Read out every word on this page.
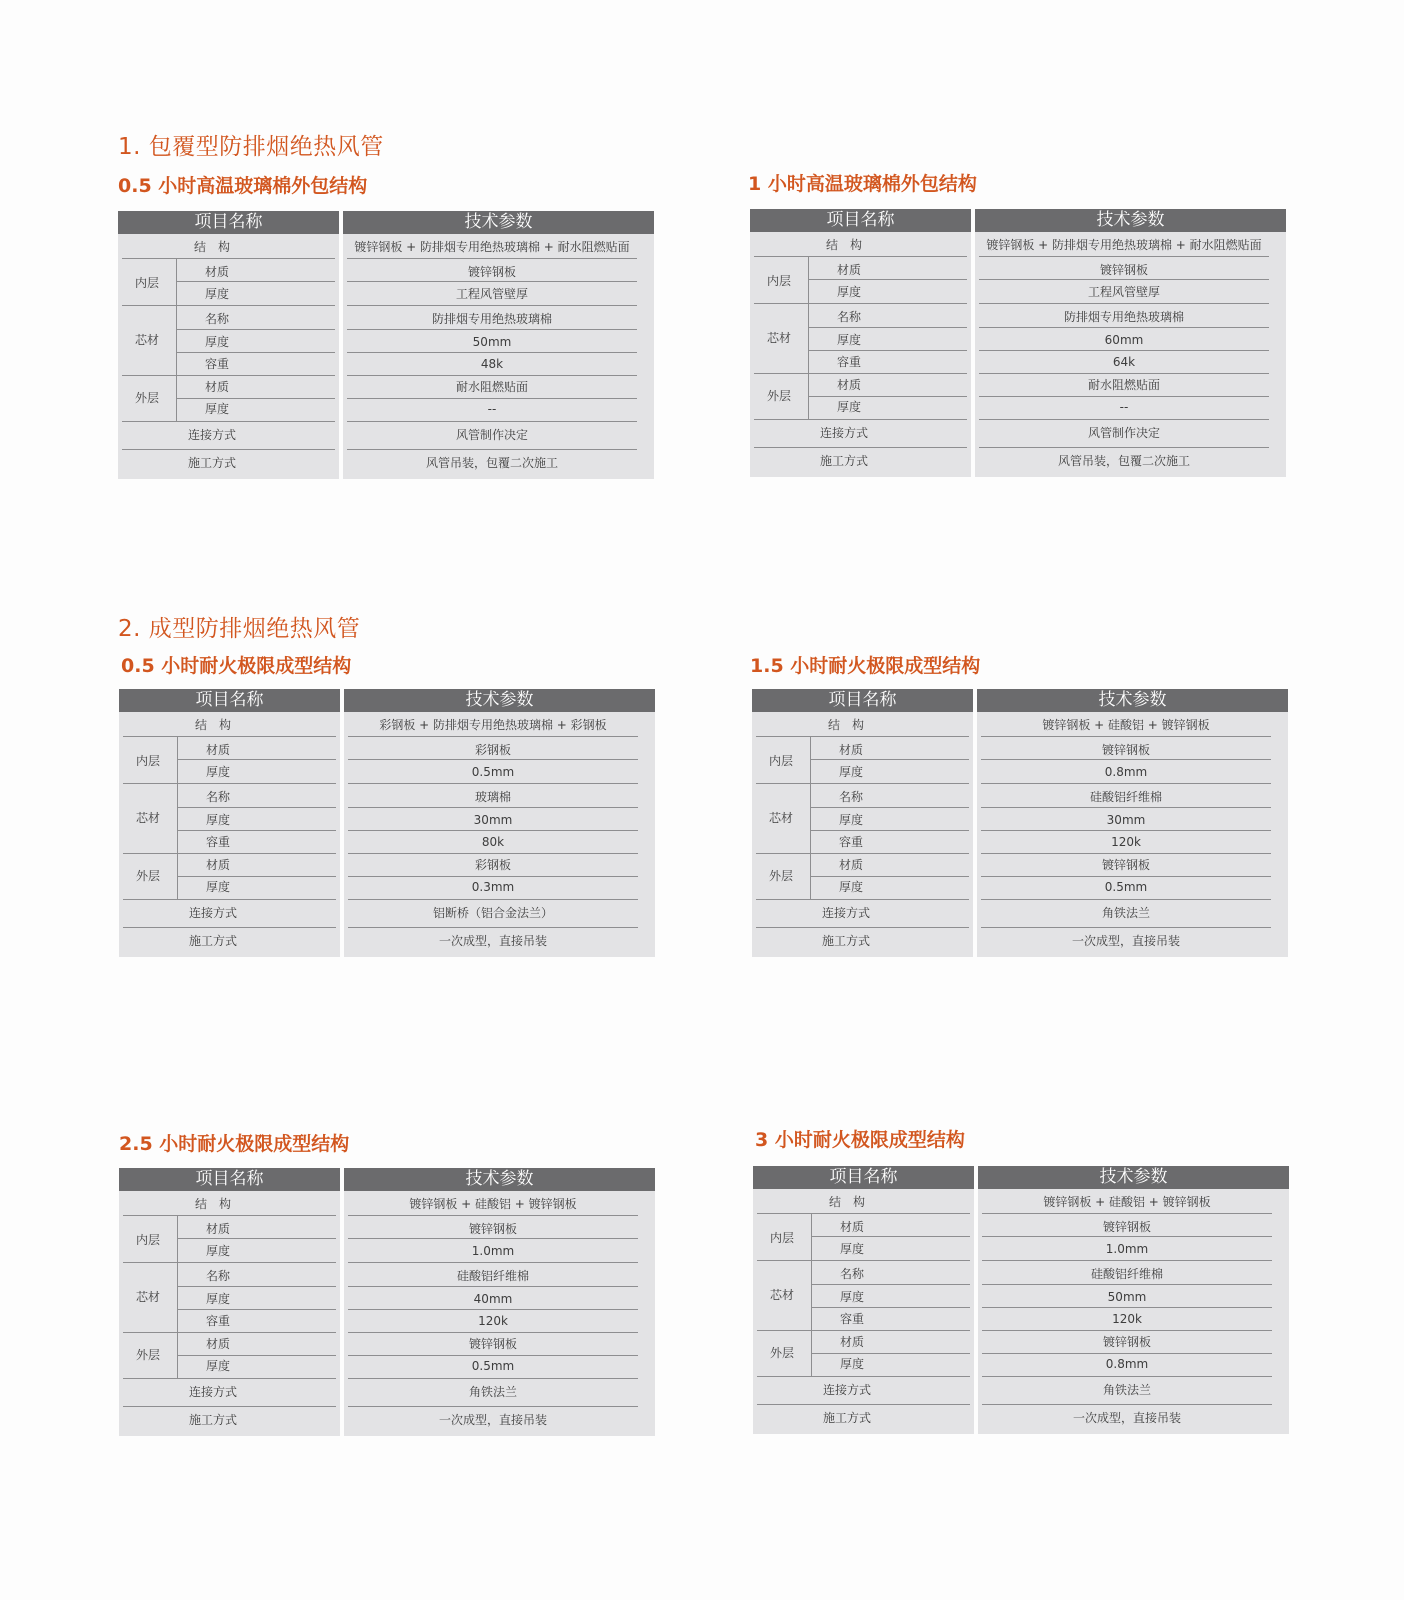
1. 包覆型防排烟绝热风管
2. 成型防排烟绝热风管
0.5 小时高温玻璃棉外包结构
项目名称
内层
芯材
外层
结　构
材质
厚度
名称
厚度
容重
材质
厚度
连接方式
施工方式
技术参数
镀锌钢板 + 防排烟专用绝热玻璃棉 + 耐水阻燃贴面
镀锌钢板
工程风管壁厚
防排烟专用绝热玻璃棉
50mm
48k
耐水阻燃贴面
--
风管制作决定
风管吊装，包覆二次施工
1 小时高温玻璃棉外包结构
项目名称
内层
芯材
外层
结　构
材质
厚度
名称
厚度
容重
材质
厚度
连接方式
施工方式
技术参数
镀锌钢板 + 防排烟专用绝热玻璃棉 + 耐水阻燃贴面
镀锌钢板
工程风管壁厚
防排烟专用绝热玻璃棉
60mm
64k
耐水阻燃贴面
--
风管制作决定
风管吊装，包覆二次施工
0.5 小时耐火极限成型结构
项目名称
内层
芯材
外层
结　构
材质
厚度
名称
厚度
容重
材质
厚度
连接方式
施工方式
技术参数
彩钢板 + 防排烟专用绝热玻璃棉 + 彩钢板
彩钢板
0.5mm
玻璃棉
30mm
80k
彩钢板
0.3mm
铝断桥（铝合金法兰）
一次成型，直接吊装
1.5 小时耐火极限成型结构
项目名称
内层
芯材
外层
结　构
材质
厚度
名称
厚度
容重
材质
厚度
连接方式
施工方式
技术参数
镀锌钢板 + 硅酸铝 + 镀锌钢板
镀锌钢板
0.8mm
硅酸铝纤维棉
30mm
120k
镀锌钢板
0.5mm
角铁法兰
一次成型，直接吊装
2.5 小时耐火极限成型结构
项目名称
内层
芯材
外层
结　构
材质
厚度
名称
厚度
容重
材质
厚度
连接方式
施工方式
技术参数
镀锌钢板 + 硅酸铝 + 镀锌钢板
镀锌钢板
1.0mm
硅酸铝纤维棉
40mm
120k
镀锌钢板
0.5mm
角铁法兰
一次成型，直接吊装
3 小时耐火极限成型结构
项目名称
内层
芯材
外层
结　构
材质
厚度
名称
厚度
容重
材质
厚度
连接方式
施工方式
技术参数
镀锌钢板 + 硅酸铝 + 镀锌钢板
镀锌钢板
1.0mm
硅酸铝纤维棉
50mm
120k
镀锌钢板
0.8mm
角铁法兰
一次成型，直接吊装
